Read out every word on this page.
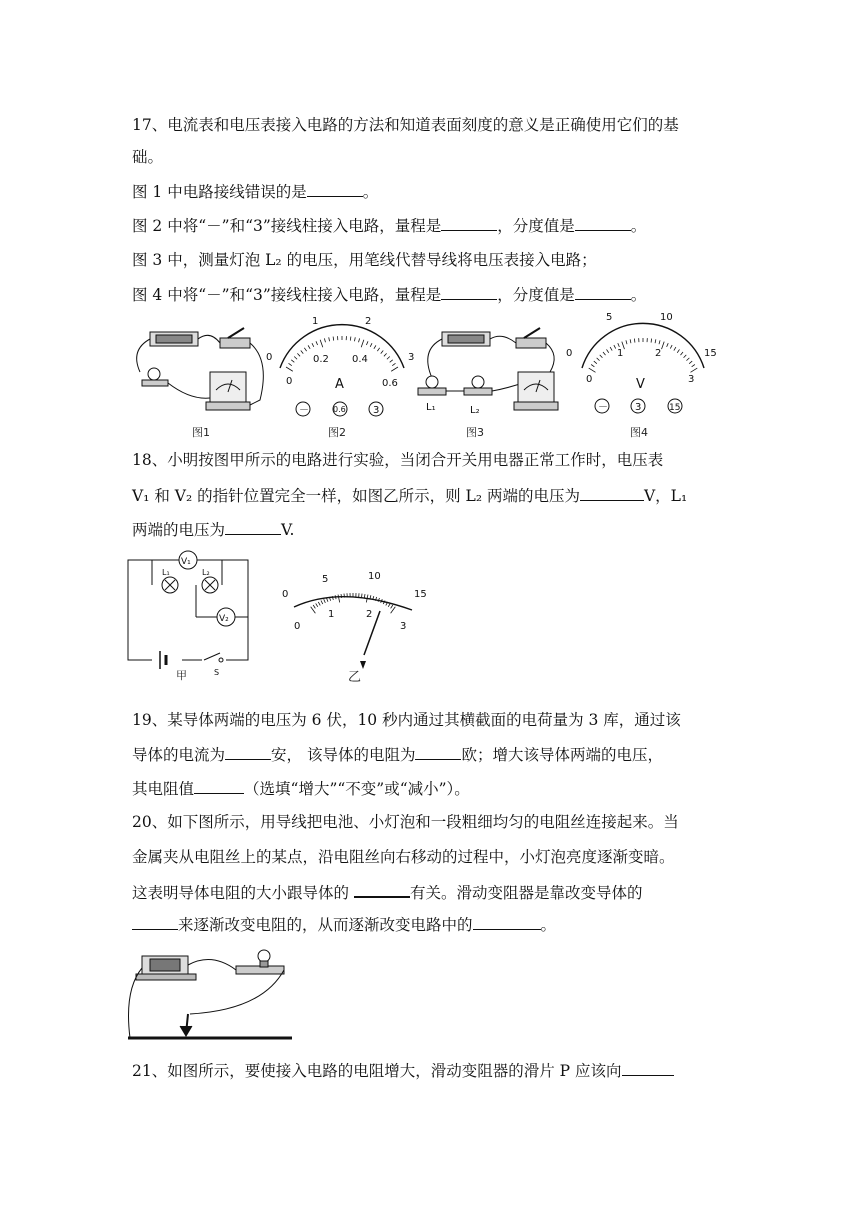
17、电流表和电压表接入电路的方法和知道表面刻度的意义是正确使用它们的基
础。
图 1 中电路接线错误的是	。
图 2 中将“－”和“3”接线柱接入电路，量程是	，分度值是	。
图 3 中，测量灯泡 L₂ 的电压，用笔线代替导线将电压表接入电路；
图 4 中将“－”和“3”接线柱接入电路，量程是	，分度值是	。
图1
0
1	2
3
0
0.2 0.4
0.6
A
－	0.6	3
图2
L₁	L₂
图3
0
5	10
15
0
1	2
3
V
－	3	15
图4
18、小明按图甲所示的电路进行实验，当闭合开关用电器正常工作时，电压表
V₁ 和 V₂ 的指针位置完全一样，如图乙所示，则 L₂ 两端的电压为	V，L₁
两端的电压为	V.
V₁
L₁	L₂
V₂
S
甲
0
5	10
15
0
1	2
3
乙
19、某导体两端的电压为 6 伏，10 秒内通过其横截面的电荷量为 3 库，通过该
导体的电流为	安， 该导体的电阻为	欧；增大该导体两端的电压，
其电阻值	（选填“增大”“不变”或“减小”）。
20、如下图所示，用导线把电池、小灯泡和一段粗细均匀的电阻丝连接起来。当
金属夹从电阻丝上的某点，沿电阻丝向右移动的过程中，小灯泡亮度逐渐变暗。
这表明导体电阻的大小跟导体的	有关。滑动变阻器是靠改变导体的
来逐渐改变电阻的，从而逐渐改变电路中的	。
21、如图所示，要使接入电路的电阻增大，滑动变阻器的滑片 P 应该向
